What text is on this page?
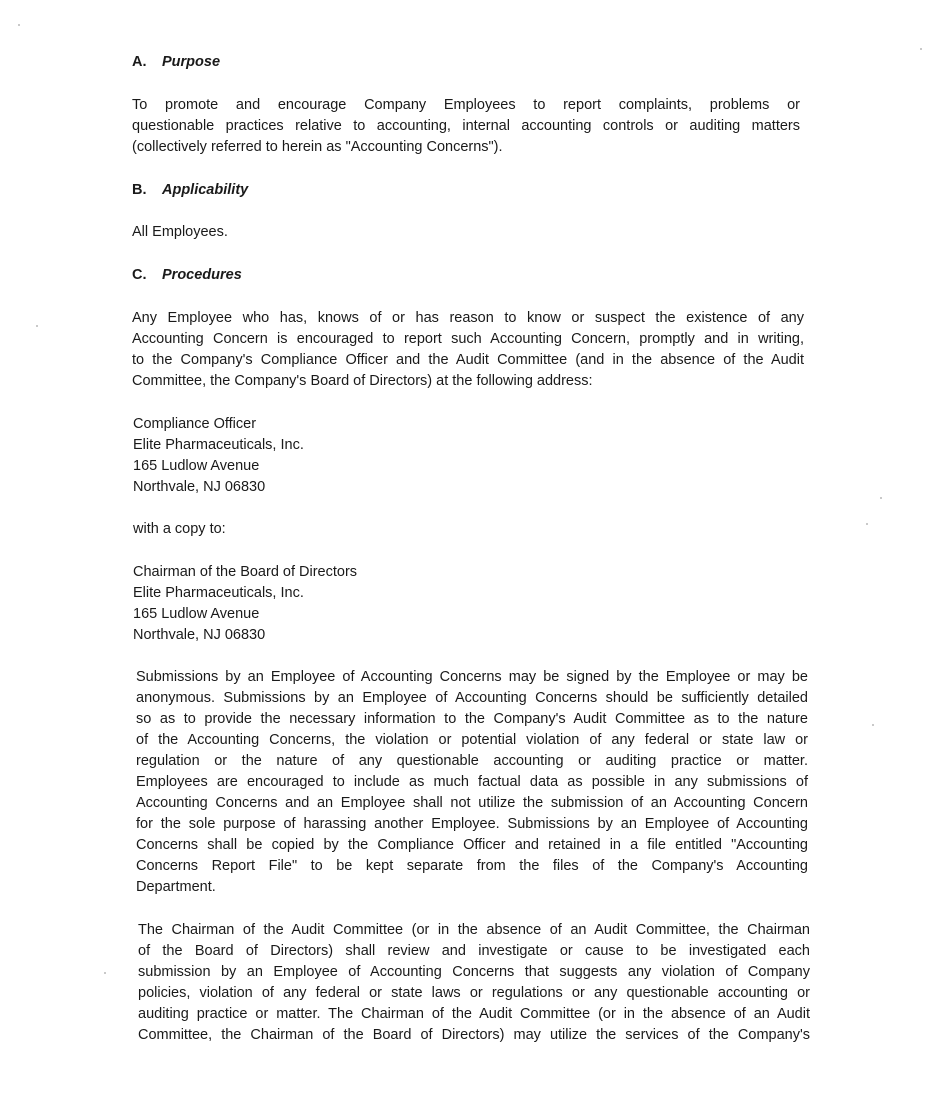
A. Purpose
To promote and encourage Company Employees to report complaints, problems or
questionable practices relative to accounting, internal accounting controls or auditing matters
(collectively referred to herein as "Accounting Concerns").
B. Applicability
All Employees.
C. Procedures
Any Employee who has, knows of or has reason to know or suspect the existence of any
Accounting Concern is encouraged to report such Accounting Concern, promptly and in writing,
to the Company's Compliance Officer and the Audit Committee (and in the absence of the Audit
Committee, the Company's Board of Directors) at the following address:
Compliance Officer
Elite Pharmaceuticals, Inc.
165 Ludlow Avenue
Northvale, NJ 06830
with a copy to:
Chairman of the Board of Directors
Elite Pharmaceuticals, Inc.
165 Ludlow Avenue
Northvale, NJ 06830
Submissions by an Employee of Accounting Concerns may be signed by the Employee or may be
anonymous. Submissions by an Employee of Accounting Concerns should be sufficiently detailed
so as to provide the necessary information to the Company's Audit Committee as to the nature
of the Accounting Concerns, the violation or potential violation of any federal or state law or
regulation or the nature of any questionable accounting or auditing practice or matter.
Employees are encouraged to include as much factual data as possible in any submissions of
Accounting Concerns and an Employee shall not utilize the submission of an Accounting Concern
for the sole purpose of harassing another Employee. Submissions by an Employee of Accounting
Concerns shall be copied by the Compliance Officer and retained in a file entitled "Accounting
Concerns Report File" to be kept separate from the files of the Company's Accounting
Department.
The Chairman of the Audit Committee (or in the absence of an Audit Committee, the Chairman
of the Board of Directors) shall review and investigate or cause to be investigated each
submission by an Employee of Accounting Concerns that suggests any violation of Company
policies, violation of any federal or state laws or regulations or any questionable accounting or
auditing practice or matter. The Chairman of the Audit Committee (or in the absence of an Audit
Committee, the Chairman of the Board of Directors) may utilize the services of the Company's
